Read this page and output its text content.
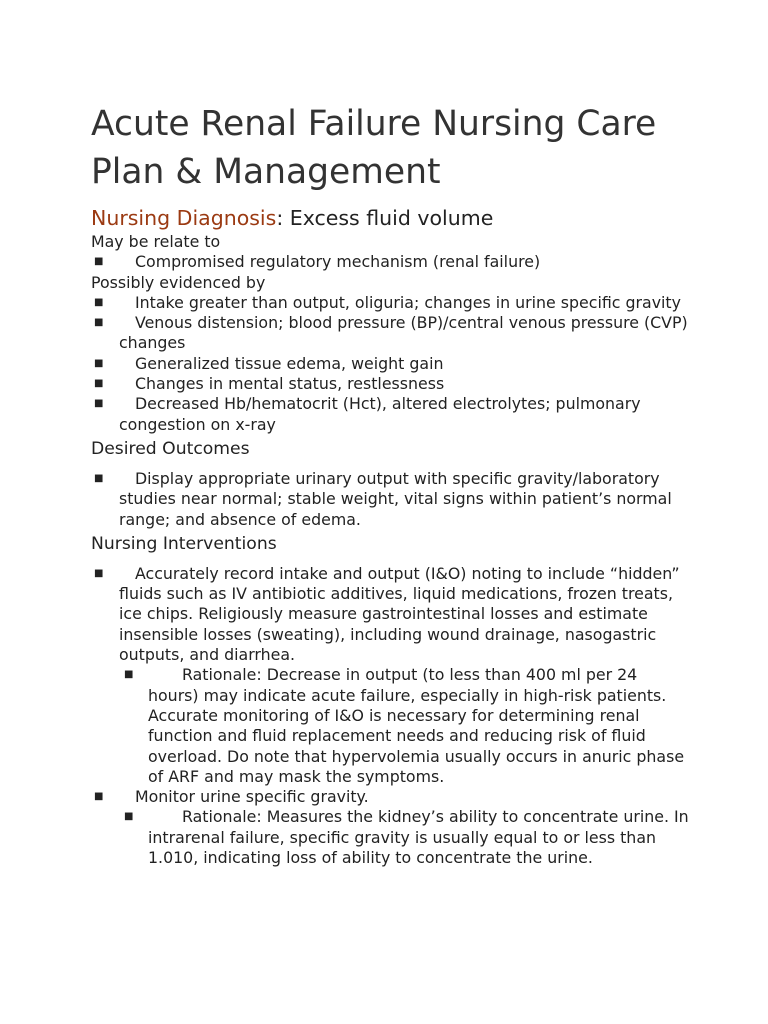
Acute Renal Failure Nursing Care Plan & Management
Nursing Diagnosis: Excess fluid volume
May be relate to
■	Compromised regulatory mechanism (renal failure)
Possibly evidenced by
■	Intake greater than output, oliguria; changes in urine specific gravity
■	Venous distension; blood pressure (BP)/central venous pressure (CVP) changes
■	Generalized tissue edema, weight gain
■	Changes in mental status, restlessness
■	Decreased Hb/hematocrit (Hct), altered electrolytes; pulmonary congestion on x-ray
Desired Outcomes
■	Display appropriate urinary output with specific gravity/laboratory studies near normal; stable weight, vital signs within patient’s normal range; and absence of edema.
Nursing Interventions
■	Accurately record intake and output (I&O) noting to include “hidden” fluids such as IV antibiotic additives, liquid medications, frozen treats, ice chips. Religiously measure gastrointestinal losses and estimate insensible losses (sweating), including wound drainage, nasogastric outputs, and diarrhea.
■	Rationale: Decrease in output (to less than 400 ml per 24 hours) may indicate acute failure, especially in high-risk patients. Accurate monitoring of I&O is necessary for determining renal function and fluid replacement needs and reducing risk of fluid overload. Do note that hypervolemia usually occurs in anuric phase of ARF and may mask the symptoms.
■	Monitor urine specific gravity.
■	Rationale: Measures the kidney’s ability to concentrate urine. In intrarenal failure, specific gravity is usually equal to or less than 1.010, indicating loss of ability to concentrate the urine.
